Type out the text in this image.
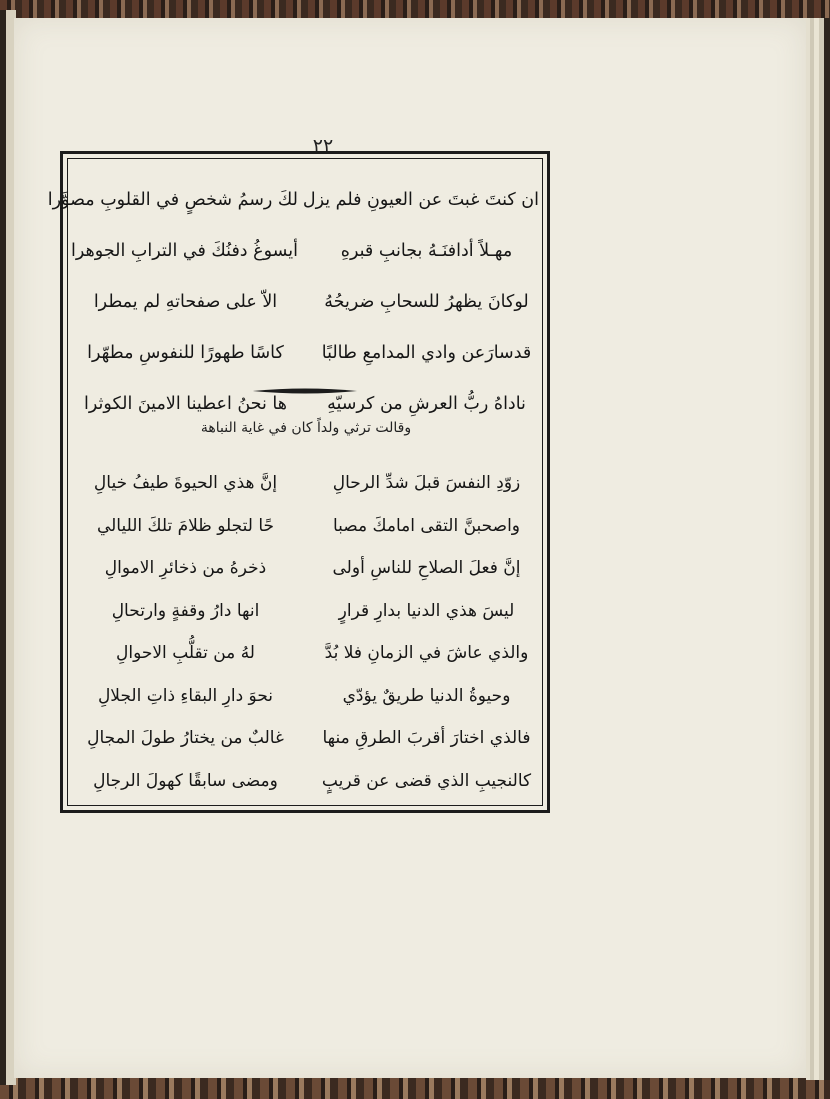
٢٢

ان كنتَ غبتَ عن العيونِ فلم يزل
لكَ رسمُ شخصٍ في القلوبِ مصوَّرا
مهـلاً أدافنَـهُ بجانبِ قبرهِ
أيسوغُ دفنُكَ في الترابِ الجوهرا
لوكانَ يظهرُ للسحابِ ضريحُهُ
الاّ على صفحاتهِ لم يمطرا
قدسارَعن وادي المدامعِ طالبًا
كاسًا طهورًا للنفوسِ مطهّرا
ناداهُ ربُّ العرشِ من كرسيّهِ
ها نحنُ اعطينا الامينَ الكوثرا

وقالت ترثي ولداً كان في غاية النباهة

زوّدِ النفسَ قبلَ شدِّ الرحالِ
إنَّ هذي الحيوةَ طيفُ خيالِ
واصحبنَّ التقى امامكَ مصبا
حًا لتجلو ظلامَ تلكَ الليالي
إنَّ فعلَ الصلاحِ للناسِ أولى
ذخرهُ من ذخائرِ الاموالِ
ليسَ هذي الدنيا بدارِ قرارٍ
انها دارُ وقفةٍ وارتحالِ
والذي عاشَ في الزمانِ فلا بُدَّ
لهُ من تقلُّبِ الاحوالِ
وحيوةُ الدنيا طريقٌ يؤدّي
نحوَ دارِ البقاءِ ذاتِ الجلالِ
فالذي اختارَ أقربَ الطرقِ منها
غالبٌ من يختارُ طولَ المجالِ
كالنجيبِ الذي قضى عن قريبٍ
ومضى سابقًا كهولَ الرجالِ
